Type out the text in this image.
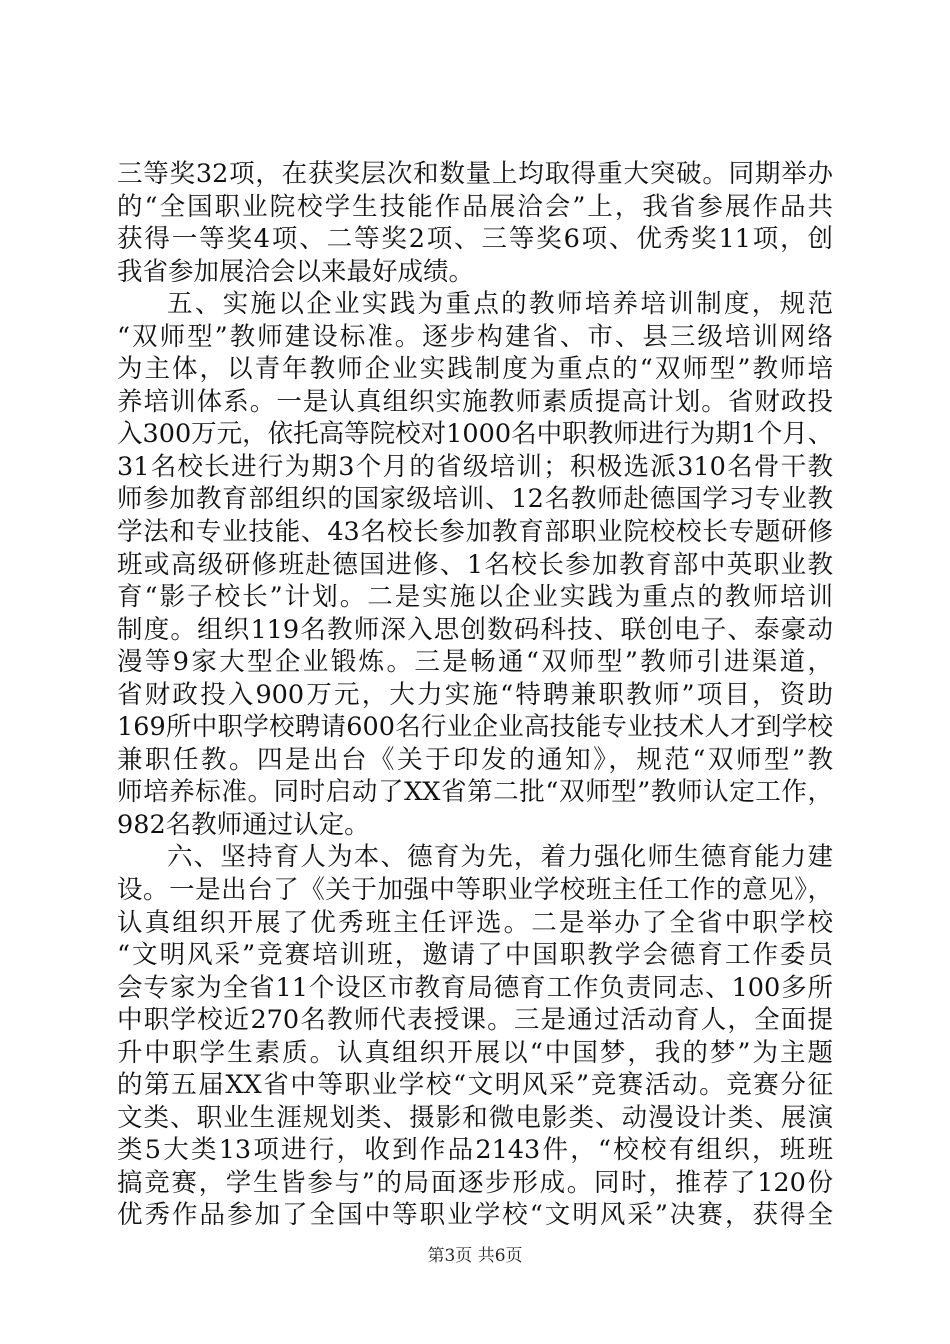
三等奖32项，在获奖层次和数量上均取得重大突破。同期举办
的“全国职业院校学生技能作品展洽会”上，我省参展作品共
获得一等奖4项、二等奖2项、三等奖6项、优秀奖11项，创
我省参加展洽会以来最好成绩。
五、实施以企业实践为重点的教师培养培训制度，规范
“双师型”教师建设标准。逐步构建省、市、县三级培训网络
为主体，以青年教师企业实践制度为重点的“双师型”教师培
养培训体系。一是认真组织实施教师素质提高计划。省财政投
入300万元，依托高等院校对1000名中职教师进行为期1个月、
31名校长进行为期3个月的省级培训；积极选派310名骨干教
师参加教育部组织的国家级培训、12名教师赴德国学习专业教
学法和专业技能、43名校长参加教育部职业院校校长专题研修
班或高级研修班赴德国进修、1名校长参加教育部中英职业教
育“影子校长”计划。二是实施以企业实践为重点的教师培训
制度。组织119名教师深入思创数码科技、联创电子、泰豪动
漫等9家大型企业锻炼。三是畅通“双师型”教师引进渠道，
省财政投入900万元，大力实施“特聘兼职教师”项目，资助
169所中职学校聘请600名行业企业高技能专业技术人才到学校
兼职任教。四是出台《关于印发的通知》，规范“双师型”教
师培养标准。同时启动了XX省第二批“双师型”教师认定工作，
982名教师通过认定。
六、坚持育人为本、德育为先，着力强化师生德育能力建
设。一是出台了《关于加强中等职业学校班主任工作的意见》，
认真组织开展了优秀班主任评选。二是举办了全省中职学校
“文明风采”竞赛培训班，邀请了中国职教学会德育工作委员
会专家为全省11个设区市教育局德育工作负责同志、100多所
中职学校近270名教师代表授课。三是通过活动育人，全面提
升中职学生素质。认真组织开展以“中国梦，我的梦”为主题
的第五届XX省中等职业学校“文明风采”竞赛活动。竞赛分征
文类、职业生涯规划类、摄影和微电影类、动漫设计类、展演
类5大类13项进行，收到作品2143件，“校校有组织，班班
搞竞赛，学生皆参与”的局面逐步形成。同时，推荐了120份
优秀作品参加了全国中等职业学校“文明风采”决赛，获得全
第3页 共6页
